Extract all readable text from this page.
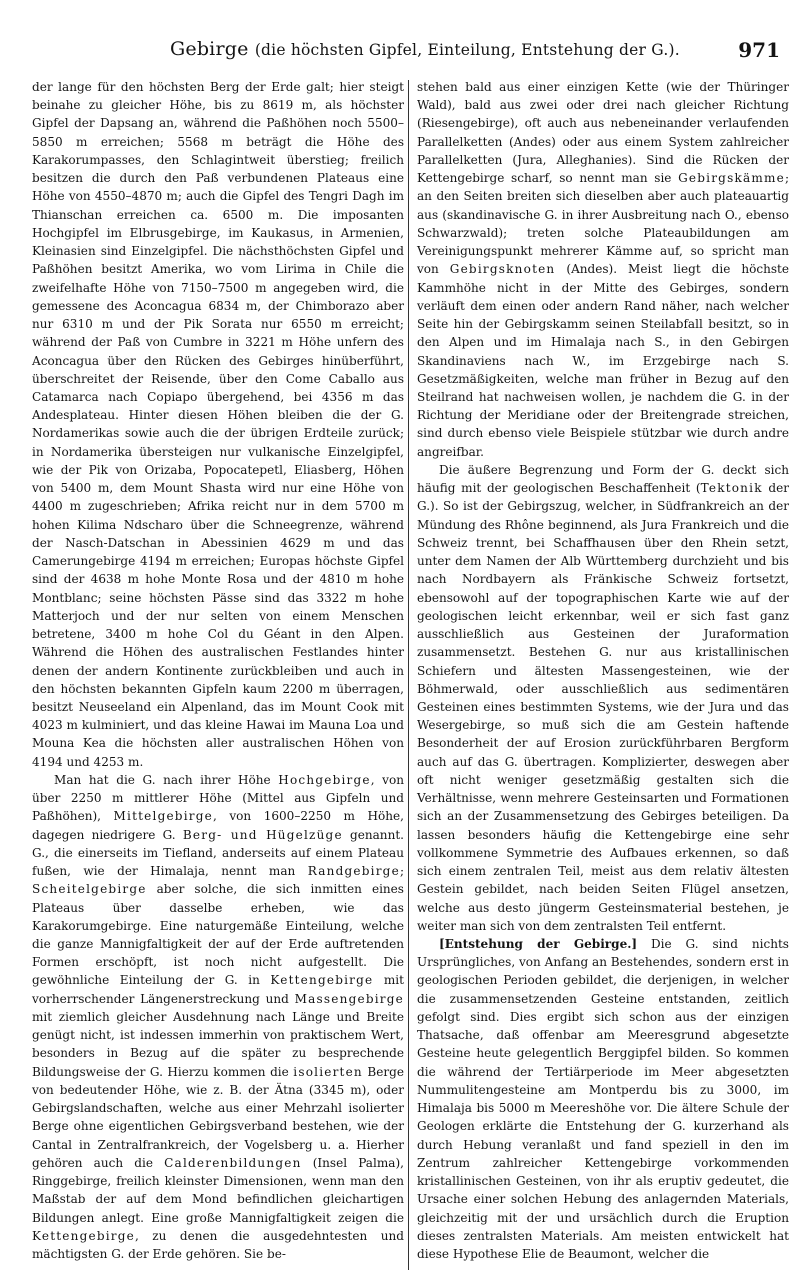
Gebirge (die höchsten Gipfel, Einteilung, Entstehung der G.).	971

der lange für den höchsten Berg der Erde galt; hier steigt beinahe zu gleicher Höhe, bis zu 8619 m, als höchster Gipfel der Dapsang an, während die Paßhöhen noch 5500–5850 m erreichen; 5568 m beträgt die Höhe des Karakorumpasses, den Schlagintweit überstieg; freilich besitzen die durch den Paß verbundenen Plateaus eine Höhe von 4550–4870 m; auch die Gipfel des Tengri Dagh im Thianschan erreichen ca. 6500 m. Die imposanten Hochgipfel im Elbrusgebirge, im Kaukasus, in Armenien, Kleinasien sind Einzelgipfel. Die nächsthöchsten Gipfel und Paßhöhen besitzt Amerika, wo vom Lirima in Chile die zweifelhafte Höhe von 7150–7500 m angegeben wird, die gemessene des Aconcagua 6834 m, der Chimborazo aber nur 6310 m und der Pik Sorata nur 6550 m erreicht; während der Paß von Cumbre in 3221 m Höhe unfern des Aconcagua über den Rücken des Gebirges hinüberführt, überschreitet der Reisende, über den Come Caballo aus Catamarca nach Copiapo übergehend, bei 4356 m das Andesplateau. Hinter diesen Höhen bleiben die der G. Nordamerikas sowie auch die der übrigen Erdteile zurück; in Nordamerika übersteigen nur vulkanische Einzelgipfel, wie der Pik von Orizaba, Popocatepetl, Eliasberg, Höhen von 5400 m, dem Mount Shasta wird nur eine Höhe von 4400 m zugeschrieben; Afrika reicht nur in dem 5700 m hohen Kilima Ndscharo über die Schneegrenze, während der Nasch-Datschan in Abessinien 4629 m und das Camerungebirge 4194 m erreichen; Europas höchste Gipfel sind der 4638 m hohe Monte Rosa und der 4810 m hohe Montblanc; seine höchsten Pässe sind das 3322 m hohe Matterjoch und der nur selten von einem Menschen betretene, 3400 m hohe Col du Géant in den Alpen. Während die Höhen des australischen Festlandes hinter denen der andern Kontinente zurückbleiben und auch in den höchsten bekannten Gipfeln kaum 2200 m überragen, besitzt Neuseeland ein Alpenland, das im Mount Cook mit 4023 m kulminiert, und das kleine Hawai im Mauna Loa und Mouna Kea die höchsten aller australischen Höhen von 4194 und 4253 m.

Man hat die G. nach ihrer Höhe Hochgebirge, von über 2250 m mittlerer Höhe (Mittel aus Gipfeln und Paßhöhen), Mittelgebirge, von 1600–2250 m Höhe, dagegen niedrigere G. Berg- und Hügelzüge genannt. G., die einerseits im Tiefland, anderseits auf einem Plateau fußen, wie der Himalaja, nennt man Randgebirge; Scheitelgebirge aber solche, die sich inmitten eines Plateaus über dasselbe erheben, wie das Karakorumgebirge. Eine naturgemäße Einteilung, welche die ganze Mannigfaltigkeit der auf der Erde auftretenden Formen erschöpft, ist noch nicht aufgestellt. Die gewöhnliche Einteilung der G. in Kettengebirge mit vorherrschender Längenerstreckung und Massengebirge mit ziemlich gleicher Ausdehnung nach Länge und Breite genügt nicht, ist indessen immerhin von praktischem Wert, besonders in Bezug auf die später zu besprechende Bildungsweise der G. Hierzu kommen die isolierten Berge von bedeutender Höhe, wie z. B. der Ätna (3345 m), oder Gebirgslandschaften, welche aus einer Mehrzahl isolierter Berge ohne eigentlichen Gebirgsverband bestehen, wie der Cantal in Zentralfrankreich, der Vogelsberg u. a. Hierher gehören auch die Calderenbildungen (Insel Palma), Ringgebirge, freilich kleinster Dimensionen, wenn man den Maßstab der auf dem Mond befindlichen gleichartigen Bildungen anlegt. Eine große Mannigfaltigkeit zeigen die Kettengebirge, zu denen die ausgedehntesten und mächtigsten G. der Erde gehören. Sie be-

stehen bald aus einer einzigen Kette (wie der Thüringer Wald), bald aus zwei oder drei nach gleicher Richtung (Riesengebirge), oft auch aus nebeneinander verlaufenden Parallelketten (Andes) oder aus einem System zahlreicher Parallelketten (Jura, Alleghanies). Sind die Rücken der Kettengebirge scharf, so nennt man sie Gebirgskämme; an den Seiten breiten sich dieselben aber auch plateauartig aus (skandinavische G. in ihrer Ausbreitung nach O., ebenso Schwarzwald); treten solche Plateaubildungen am Vereinigungspunkt mehrerer Kämme auf, so spricht man von Gebirgsknoten (Andes). Meist liegt die höchste Kammhöhe nicht in der Mitte des Gebirges, sondern verläuft dem einen oder andern Rand näher, nach welcher Seite hin der Gebirgskamm seinen Steilabfall besitzt, so in den Alpen und im Himalaja nach S., in den Gebirgen Skandinaviens nach W., im Erzgebirge nach S. Gesetzmäßigkeiten, welche man früher in Bezug auf den Steilrand hat nachweisen wollen, je nachdem die G. in der Richtung der Meridiane oder der Breitengrade streichen, sind durch ebenso viele Beispiele stützbar wie durch andre angreifbar.

Die äußere Begrenzung und Form der G. deckt sich häufig mit der geologischen Beschaffenheit (Tektonik der G.). So ist der Gebirgszug, welcher, in Südfrankreich an der Mündung des Rhône beginnend, als Jura Frankreich und die Schweiz trennt, bei Schaffhausen über den Rhein setzt, unter dem Namen der Alb Württemberg durchzieht und bis nach Nordbayern als Fränkische Schweiz fortsetzt, ebensowohl auf der topographischen Karte wie auf der geologischen leicht erkennbar, weil er sich fast ganz ausschließlich aus Gesteinen der Juraformation zusammensetzt. Bestehen G. nur aus kristallinischen Schiefern und ältesten Massengesteinen, wie der Böhmerwald, oder ausschließlich aus sedimentären Gesteinen eines bestimmten Systems, wie der Jura und das Wesergebirge, so muß sich die am Gestein haftende Besonderheit der auf Erosion zurückführbaren Bergform auch auf das G. übertragen. Komplizierter, deswegen aber oft nicht weniger gesetzmäßig gestalten sich die Verhältnisse, wenn mehrere Gesteinsarten und Formationen sich an der Zusammensetzung des Gebirges beteiligen. Da lassen besonders häufig die Kettengebirge eine sehr vollkommene Symmetrie des Aufbaues erkennen, so daß sich einem zentralen Teil, meist aus dem relativ ältesten Gestein gebildet, nach beiden Seiten Flügel ansetzen, welche aus desto jüngerm Gesteinsmaterial bestehen, je weiter man sich von dem zentralsten Teil entfernt.

[Entstehung der Gebirge.] Die G. sind nichts Ursprüngliches, von Anfang an Bestehendes, sondern erst in geologischen Perioden gebildet, die derjenigen, in welcher die zusammensetzenden Gesteine entstanden, zeitlich gefolgt sind. Dies ergibt sich schon aus der einzigen Thatsache, daß offenbar am Meeresgrund abgesetzte Gesteine heute gelegentlich Berggipfel bilden. So kommen die während der Tertiärperiode im Meer abgesetzten Nummulitengesteine am Montperdu bis zu 3000, im Himalaja bis 5000 m Meereshöhe vor. Die ältere Schule der Geologen erklärte die Entstehung der G. kurzerhand als durch Hebung veranlaßt und fand speziell in den im Zentrum zahlreicher Kettengebirge vorkommenden kristallinischen Gesteinen, von ihr als eruptiv gedeutet, die Ursache einer solchen Hebung des anlagernden Materials, gleichzeitig mit der und ursächlich durch die Eruption dieses zentralsten Materials. Am meisten entwickelt hat diese Hypothese Elie de Beaumont, welcher die
